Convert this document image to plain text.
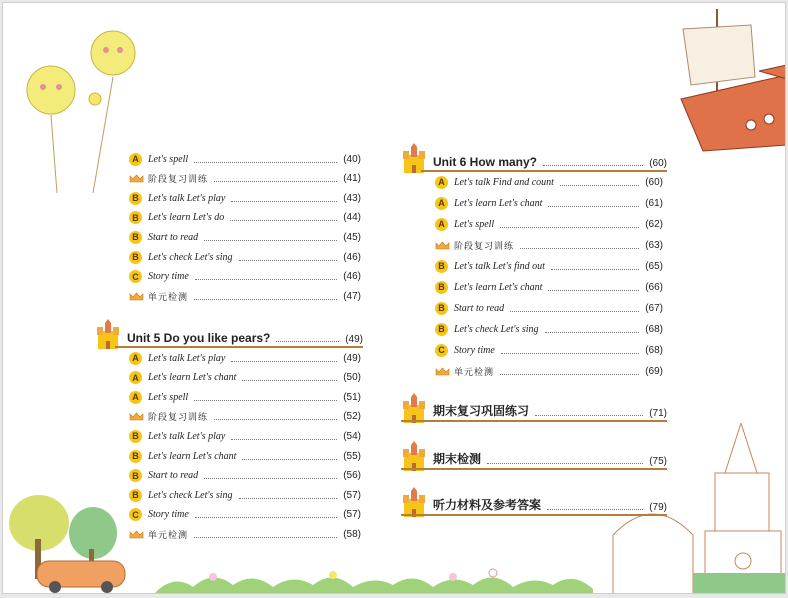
Unit 5 Do you like pears?	(49)
Unit 6 How many?	(60)
A Let's spell	(40)
阶段复习训练	(41)
B Let's talk Let's play	(43)
B Let's learn Let's do	(44)
B Start to read	(45)
B Let's check Let's sing	(46)
C Story time	(46)
单元检测	(47)
A Let's talk Let's play	(49)
A Let's learn Let's chant	(50)
A Let's spell	(51)
阶段复习训练	(52)
B Let's talk Let's play	(54)
B Let's learn Let's chant	(55)
B Start to read	(56)
B Let's check Let's sing	(57)
C Story time	(57)
单元检测	(58)
A Let's talk Find and count	(60)
A Let's learn Let's chant	(61)
A Let's spell	(62)
阶段复习训练	(63)
B Let's talk Let's find out	(65)
B Let's learn Let's chant	(66)
B Start to read	(67)
B Let's check Let's sing	(68)
C Story time	(68)
单元检测	(69)
期末复习巩固练习	(71)
期末检测	(75)
听力材料及参考答案	(79)
